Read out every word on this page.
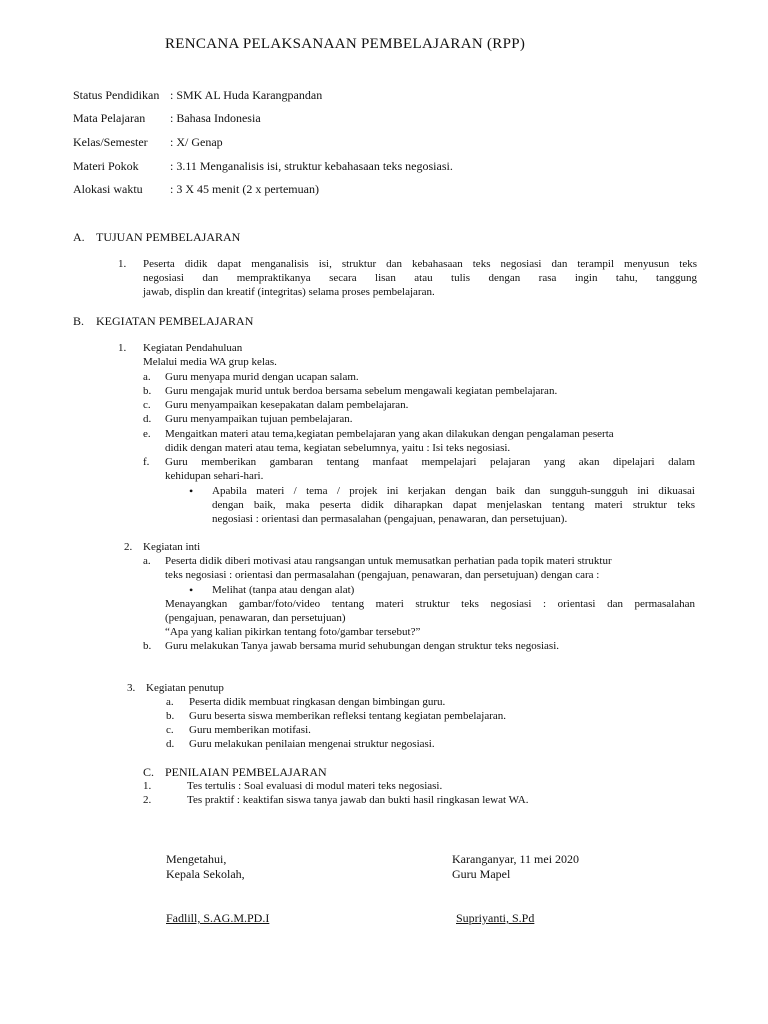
RENCANA PELAKSANAAN PEMBELAJARAN (RPP)
Status Pendidikan : SMK AL Huda Karangpandan
Mata Pelajaran : Bahasa Indonesia
Kelas/Semester : X/ Genap
Materi Pokok	: 3.11 Menganalisis isi, struktur kebahasaan teks negosiasi.
Alokasi waktu : 3 X 45 menit (2 x pertemuan)
A. TUJUAN PEMBELAJARAN
1. Peserta didik dapat menganalisis isi, struktur dan kebahasaan teks negosiasi dan terampil menyusun teks
negosiasi dan mempraktikanya secara lisan atau tulis dengan rasa ingin tahu, tanggung
jawab, displin dan kreatif (integritas) selama proses pembelajaran.
B. KEGIATAN PEMBELAJARAN
1. Kegiatan Pendahuluan
Melalui media WA grup kelas.
a. Guru menyapa murid dengan ucapan salam.
b. Guru mengajak murid untuk berdoa bersama sebelum mengawali kegiatan pembelajaran.
c. Guru menyampaikan kesepakatan dalam pembelajaran.
d. Guru menyampaikan tujuan pembelajaran.
e. Mengaitkan materi atau tema,kegiatan pembelajaran yang akan dilakukan dengan pengalaman peserta
didik dengan materi atau tema, kegiatan sebelumnya, yaitu : Isi teks negosiasi.
f. Guru memberikan gambaran tentang manfaat mempelajari pelajaran yang akan dipelajari dalam
kehidupan sehari-hari.
• Apabila materi / tema / projek ini kerjakan dengan baik dan sungguh-sungguh ini dikuasai
dengan baik, maka peserta didik diharapkan dapat menjelaskan tentang materi struktur teks
negosiasi : orientasi dan permasalahan (pengajuan, penawaran, dan persetujuan).
2. Kegiatan inti
a. Peserta didik diberi motivasi atau rangsangan untuk memusatkan perhatian pada topik materi struktur
teks negosiasi : orientasi dan permasalahan (pengajuan, penawaran, dan persetujuan) dengan cara :
• Melihat (tanpa atau dengan alat)
Menayangkan gambar/foto/video tentang materi struktur teks negosiasi : orientasi dan permasalahan
(pengajuan, penawaran, dan persetujuan)
“Apa yang kalian pikirkan tentang foto/gambar tersebut?”
b. Guru melakukan Tanya jawab bersama murid sehubungan dengan struktur teks negosiasi.
3. Kegiatan penutup
a. Peserta didik membuat ringkasan dengan bimbingan guru.
b. Guru beserta siswa memberikan refleksi tentang kegiatan pembelajaran.
c. Guru memberikan motifasi.
d. Guru melakukan penilaian mengenai struktur negosiasi.
C. PENILAIAN PEMBELAJARAN
1.	Tes tertulis : Soal evaluasi di modul materi teks negosiasi.
2.	Tes praktif : keaktifan siswa tanya jawab dan bukti hasil ringkasan lewat WA.
Mengetahui,
Kepala Sekolah,
Fadlill, S.AG.M.PD.I
Karanganyar, 11 mei 2020
Guru Mapel
Supriyanti, S.Pd
